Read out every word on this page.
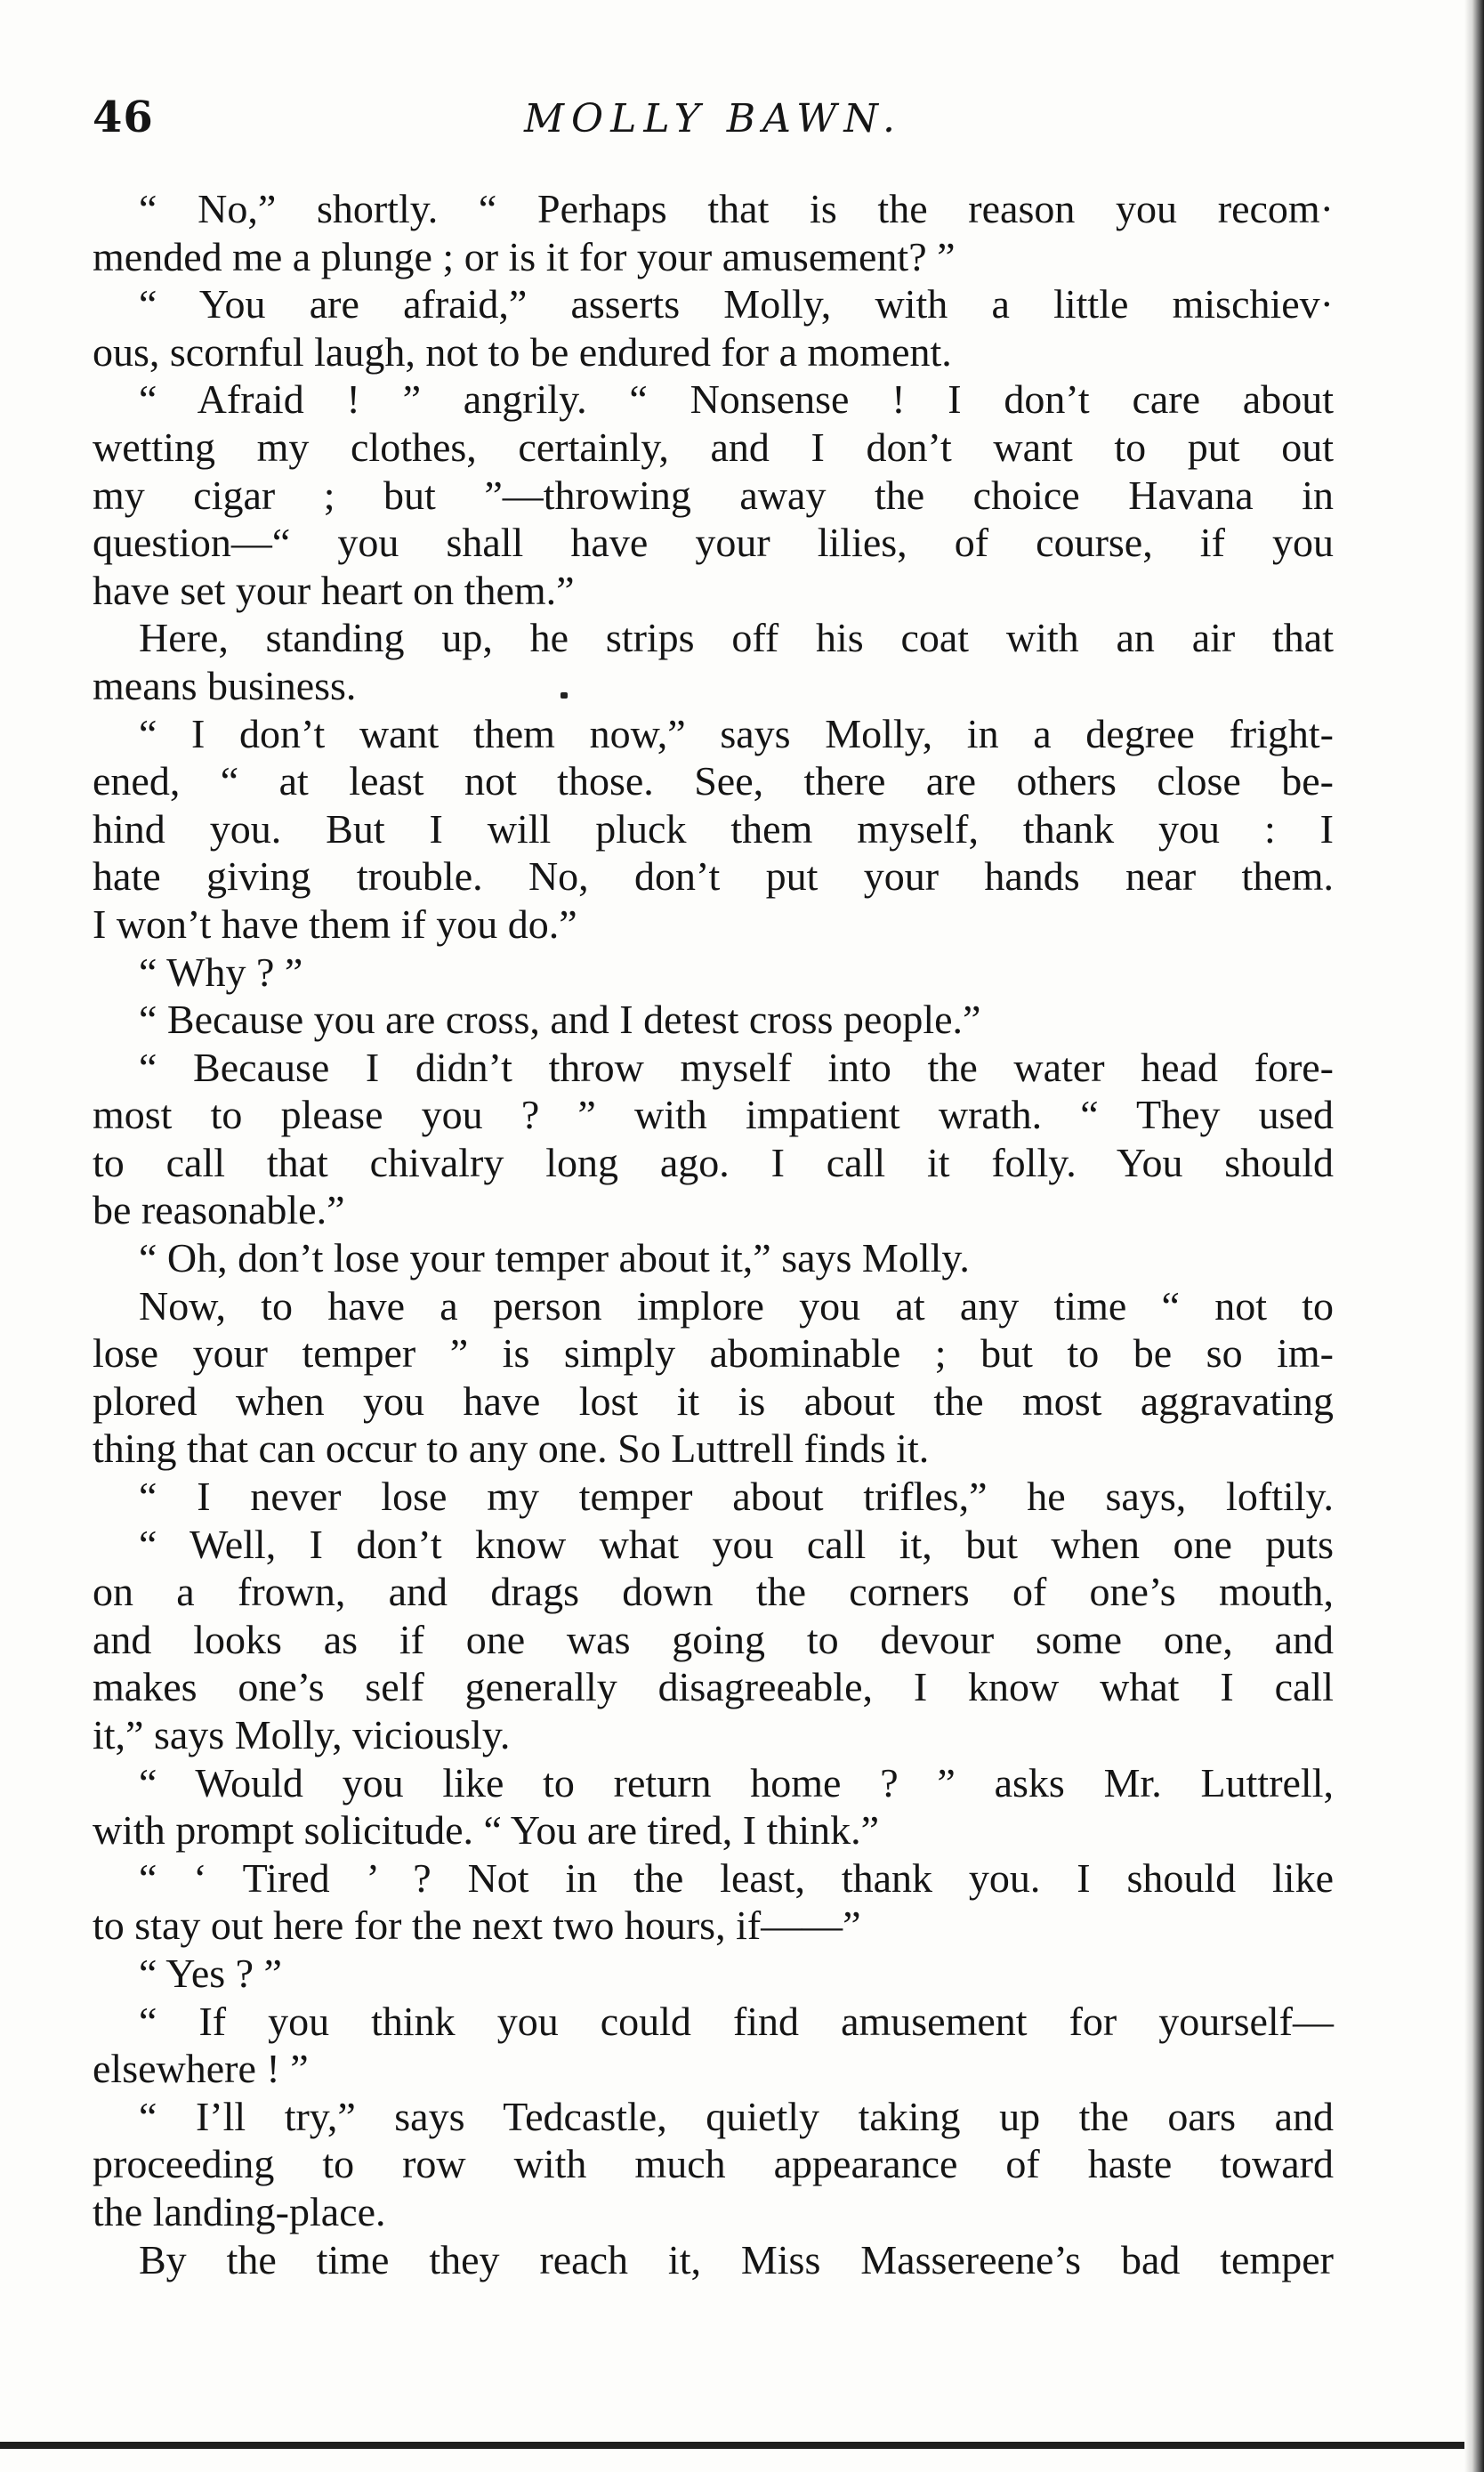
46	MOLLY BAWN.
“ No,” shortly. “ Perhaps that is the reason you recom·
mended me a plunge ; or is it for your amusement? ”
“ You are afraid,” asserts Molly, with a little mischiev·
ous, scornful laugh, not to be endured for a moment.
“ Afraid ! ” angrily. “ Nonsense ! I don’t care about
wetting my clothes, certainly, and I don’t want to put out
my cigar ; but ”—throwing away the choice Havana in
question—“ you shall have your lilies, of course, if you
have set your heart on them.”
Here, standing up, he strips off his coat with an air that
means business.
“ I don’t want them now,” says Molly, in a degree fright-
ened, “ at least not those. See, there are others close be-
hind you. But I will pluck them myself, thank you : I
hate giving trouble. No, don’t put your hands near them.
I won’t have them if you do.”
“ Why ? ”
“ Because you are cross, and I detest cross people.”
“ Because I didn’t throw myself into the water head fore-
most to please you ? ” with impatient wrath. “ They used
to call that chivalry long ago. I call it folly. You should
be reasonable.”
“ Oh, don’t lose your temper about it,” says Molly.
Now, to have a person implore you at any time “ not to
lose your temper ” is simply abominable ; but to be so im-
plored when you have lost it is about the most aggravating
thing that can occur to any one. So Luttrell finds it.
“ I never lose my temper about trifles,” he says, loftily.
“ Well, I don’t know what you call it, but when one puts
on a frown, and drags down the corners of one’s mouth,
and looks as if one was going to devour some one, and
makes one’s self generally disagreeable, I know what I call
it,” says Molly, viciously.
“ Would you like to return home ? ” asks Mr. Luttrell,
with prompt solicitude. “ You are tired, I think.”
“ ‘ Tired ’ ? Not in the least, thank you. I should like
to stay out here for the next two hours, if——”
“ Yes ? ”
“ If you think you could find amusement for yourself—
elsewhere ! ”
“ I’ll try,” says Tedcastle, quietly taking up the oars and
proceeding to row with much appearance of haste toward
the landing-place.
By the time they reach it, Miss Massereene’s bad temper
